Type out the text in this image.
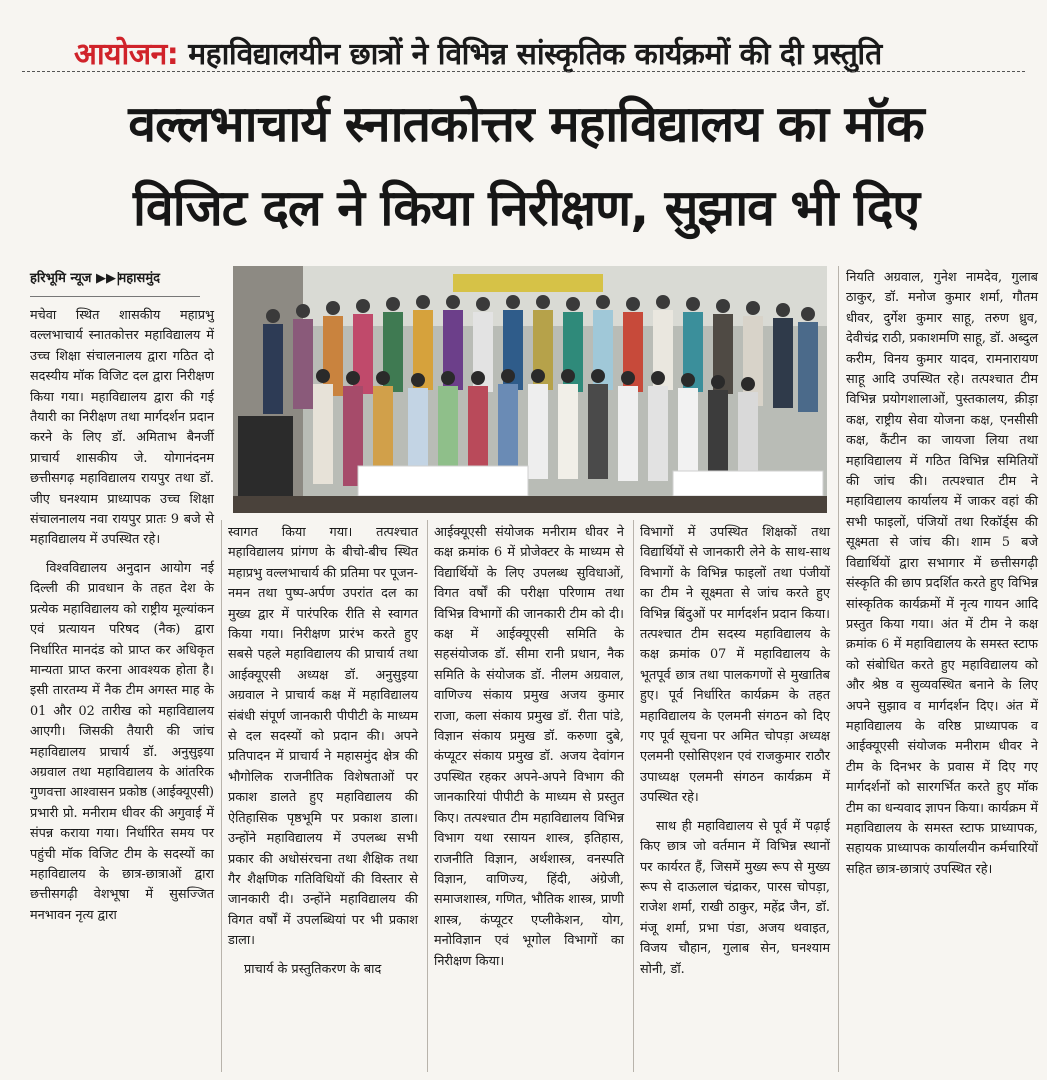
आयोजन: महाविद्यालयीन छात्रों ने विभिन्न सांस्कृतिक कार्यक्रमों की दी प्रस्तुति
वल्लभाचार्य स्नातकोत्तर महाविद्यालय का मॉक
विजिट दल ने किया निरीक्षण, सुझाव भी दिए
हरिभूमि न्यूज ▶▶| महासमुंद

मचेवा स्थित शासकीय महाप्रभु वल्लभाचार्य स्नातकोत्तर महाविद्यालय में उच्च शिक्षा संचालनालय द्वारा गठित दो सदस्यीय मॉक विजिट दल द्वारा निरीक्षण किया गया। महाविद्यालय द्वारा की गई तैयारी का निरीक्षण तथा मार्गदर्शन प्रदान करने के लिए डॉ. अमिताभ बैनर्जी प्राचार्य शासकीय जे. योगानंदनम छत्तीसगढ़ महाविद्यालय रायपुर तथा डॉ. जीए घनश्याम प्राध्यापक उच्च शिक्षा संचालनालय नवा रायपुर प्रातः 9 बजे से महाविद्यालय में उपस्थित रहे।

विश्वविद्यालय अनुदान आयोग नई दिल्ली की प्रावधान के तहत देश के प्रत्येक महाविद्यालय को राष्ट्रीय मूल्यांकन एवं प्रत्यायन परिषद (नैक) द्वारा निर्धारित मानदंड को प्राप्त कर अधिकृत मान्यता प्राप्त करना आवश्यक होता है। इसी तारतम्य में नैक टीम अगस्त माह के 01 और 02 तारीख को महाविद्यालय आएगी। जिसकी तैयारी की जांच महाविद्यालय प्राचार्य डॉ. अनुसुइया अग्रवाल तथा महाविद्यालय के आंतरिक गुणवत्ता आश्वासन प्रकोष्ठ (आईक्यूएसी) प्रभारी प्रो. मनीराम धीवर की अगुवाई में संपन्न कराया गया। निर्धारित समय पर पहुंची मॉक विजिट टीम के सदस्यों का महाविद्यालय के छात्र-छात्राओं द्वारा छत्तीसगढ़ी वेशभूषा में सुसज्जित मनभावन नृत्य द्वारा

स्वागत किया गया। तत्पश्चात महाविद्यालय प्रांगण के बीचो-बीच स्थित महाप्रभु वल्लभाचार्य की प्रतिमा पर पूजन-नमन तथा पुष्प-अर्पण उपरांत दल का मुख्य द्वार में पारंपरिक रीति से स्वागत किया गया। निरीक्षण प्रारंभ करते हुए सबसे पहले महाविद्यालय की प्राचार्य तथा आईक्यूएसी अध्यक्ष डॉ. अनुसुइया अग्रवाल ने प्राचार्य कक्ष में महाविद्यालय संबंधी संपूर्ण जानकारी पीपीटी के माध्यम से दल सदस्यों को प्रदान की। अपने प्रतिपादन में प्राचार्य ने महासमुंद क्षेत्र की भौगोलिक राजनीतिक विशेषताओं पर प्रकाश डालते हुए महाविद्यालय की ऐतिहासिक पृष्ठभूमि पर प्रकाश डाला। उन्होंने महाविद्यालय में उपलब्ध सभी प्रकार की अधोसंरचना तथा शैक्षिक तथा गैर शैक्षणिक गतिविधियों की विस्तार से जानकारी दी। उन्होंने महाविद्यालय की विगत वर्षों में उपलब्धियां पर भी प्रकाश डाला।

प्राचार्य के प्रस्तुतिकरण के बाद

आईक्यूएसी संयोजक मनीराम धीवर ने कक्ष क्रमांक 6 में प्रोजेक्टर के माध्यम से विद्यार्थियों के लिए उपलब्ध सुविधाओं, विगत वर्षों की परीक्षा परिणाम तथा विभिन्न विभागों की जानकारी टीम को दी। कक्ष में आईक्यूएसी समिति के सहसंयोजक डॉ. सीमा रानी प्रधान, नैक समिति के संयोजक डॉ. नीलम अग्रवाल, वाणिज्य संकाय प्रमुख अजय कुमार राजा, कला संकाय प्रमुख डॉ. रीता पांडे, विज्ञान संकाय प्रमुख डॉ. करुणा दुबे, कंप्यूटर संकाय प्रमुख डॉ. अजय देवांगन उपस्थित रहकर अपने-अपने विभाग की जानकारियां पीपीटी के माध्यम से प्रस्तुत किए। तत्पश्चात टीम महाविद्यालय विभिन्न विभाग यथा रसायन शास्त्र, इतिहास, राजनीति विज्ञान, अर्थशास्त्र, वनस्पति विज्ञान, वाणिज्य, हिंदी, अंग्रेजी, समाजशास्त्र, गणित, भौतिक शास्त्र, प्राणी शास्त्र, कंप्यूटर एप्लीकेशन, योग, मनोविज्ञान एवं भूगोल विभागों का निरीक्षण किया।

विभागों में उपस्थित शिक्षकों तथा विद्यार्थियों से जानकारी लेने के साथ-साथ विभागों के विभिन्न फाइलों तथा पंजीयों का टीम ने सूक्ष्मता से जांच करते हुए विभिन्न बिंदुओं पर मार्गदर्शन प्रदान किया। तत्पश्चात टीम सदस्य महाविद्यालय के कक्ष क्रमांक 07 में महाविद्यालय के भूतपूर्व छात्र तथा पालकगणों से मुखातिब हुए। पूर्व निर्धारित कार्यक्रम के तहत महाविद्यालय के एलमनी संगठन को दिए गए पूर्व सूचना पर अमित चोपड़ा अध्यक्ष एलमनी एसोसिएशन एवं राजकुमार राठौर उपाध्यक्ष एलमनी संगठन कार्यक्रम में उपस्थित रहे।

साथ ही महाविद्यालय से पूर्व में पढ़ाई किए छात्र जो वर्तमान में विभिन्न स्थानों पर कार्यरत हैं, जिसमें मुख्य रूप से मुख्य रूप से दाऊलाल चंद्राकर, पारस चोपड़ा, राजेश शर्मा, राखी ठाकुर, महेंद्र जैन, डॉ. मंजू शर्मा, प्रभा पंडा, अजय थवाइत, विजय चौहान, गुलाब सेन, घनश्याम सोनी, डॉ.

नियति अग्रवाल, गुनेश नामदेव, गुलाब ठाकुर, डॉ. मनोज कुमार शर्मा, गौतम धीवर, दुर्गेश कुमार साहू, तरुण ध्रुव, देवीचंद्र राठी, प्रकाशमणि साहू, डॉ. अब्दुल करीम, विनय कुमार यादव, रामनारायण साहू आदि उपस्थित रहे। तत्पश्चात टीम विभिन्न प्रयोगशालाओं, पुस्तकालय, क्रीड़ा कक्ष, राष्ट्रीय सेवा योजना कक्ष, एनसीसी कक्ष, कैंटीन का जायजा लिया तथा महाविद्यालय में गठित विभिन्न समितियों की जांच की। तत्पश्चात टीम ने महाविद्यालय कार्यालय में जाकर वहां की सभी फाइलों, पंजियों तथा रिकॉर्ड्स की सूक्ष्मता से जांच की। शाम 5 बजे विद्यार्थियों द्वारा सभागार में छत्तीसगढ़ी संस्कृति की छाप प्रदर्शित करते हुए विभिन्न सांस्कृतिक कार्यक्रमों में नृत्य गायन आदि प्रस्तुत किया गया। अंत में टीम ने कक्ष क्रमांक 6 में महाविद्यालय के समस्त स्टाफ को संबोधित करते हुए महाविद्यालय को और श्रेष्ठ व सुव्यवस्थित बनाने के लिए अपने सुझाव व मार्गदर्शन दिए। अंत में महाविद्यालय के वरिष्ठ प्राध्यापक व आईक्यूएसी संयोजक मनीराम धीवर ने टीम के दिनभर के प्रवास में दिए गए मार्गदर्शनों को सारगर्भित करते हुए मॉक टीम का धन्यवाद ज्ञापन किया। कार्यक्रम में महाविद्यालय के समस्त स्टाफ प्राध्यापक, सहायक प्राध्यापक कार्यालयीन कर्मचारियों सहित छात्र-छात्राएं उपस्थित रहे।
